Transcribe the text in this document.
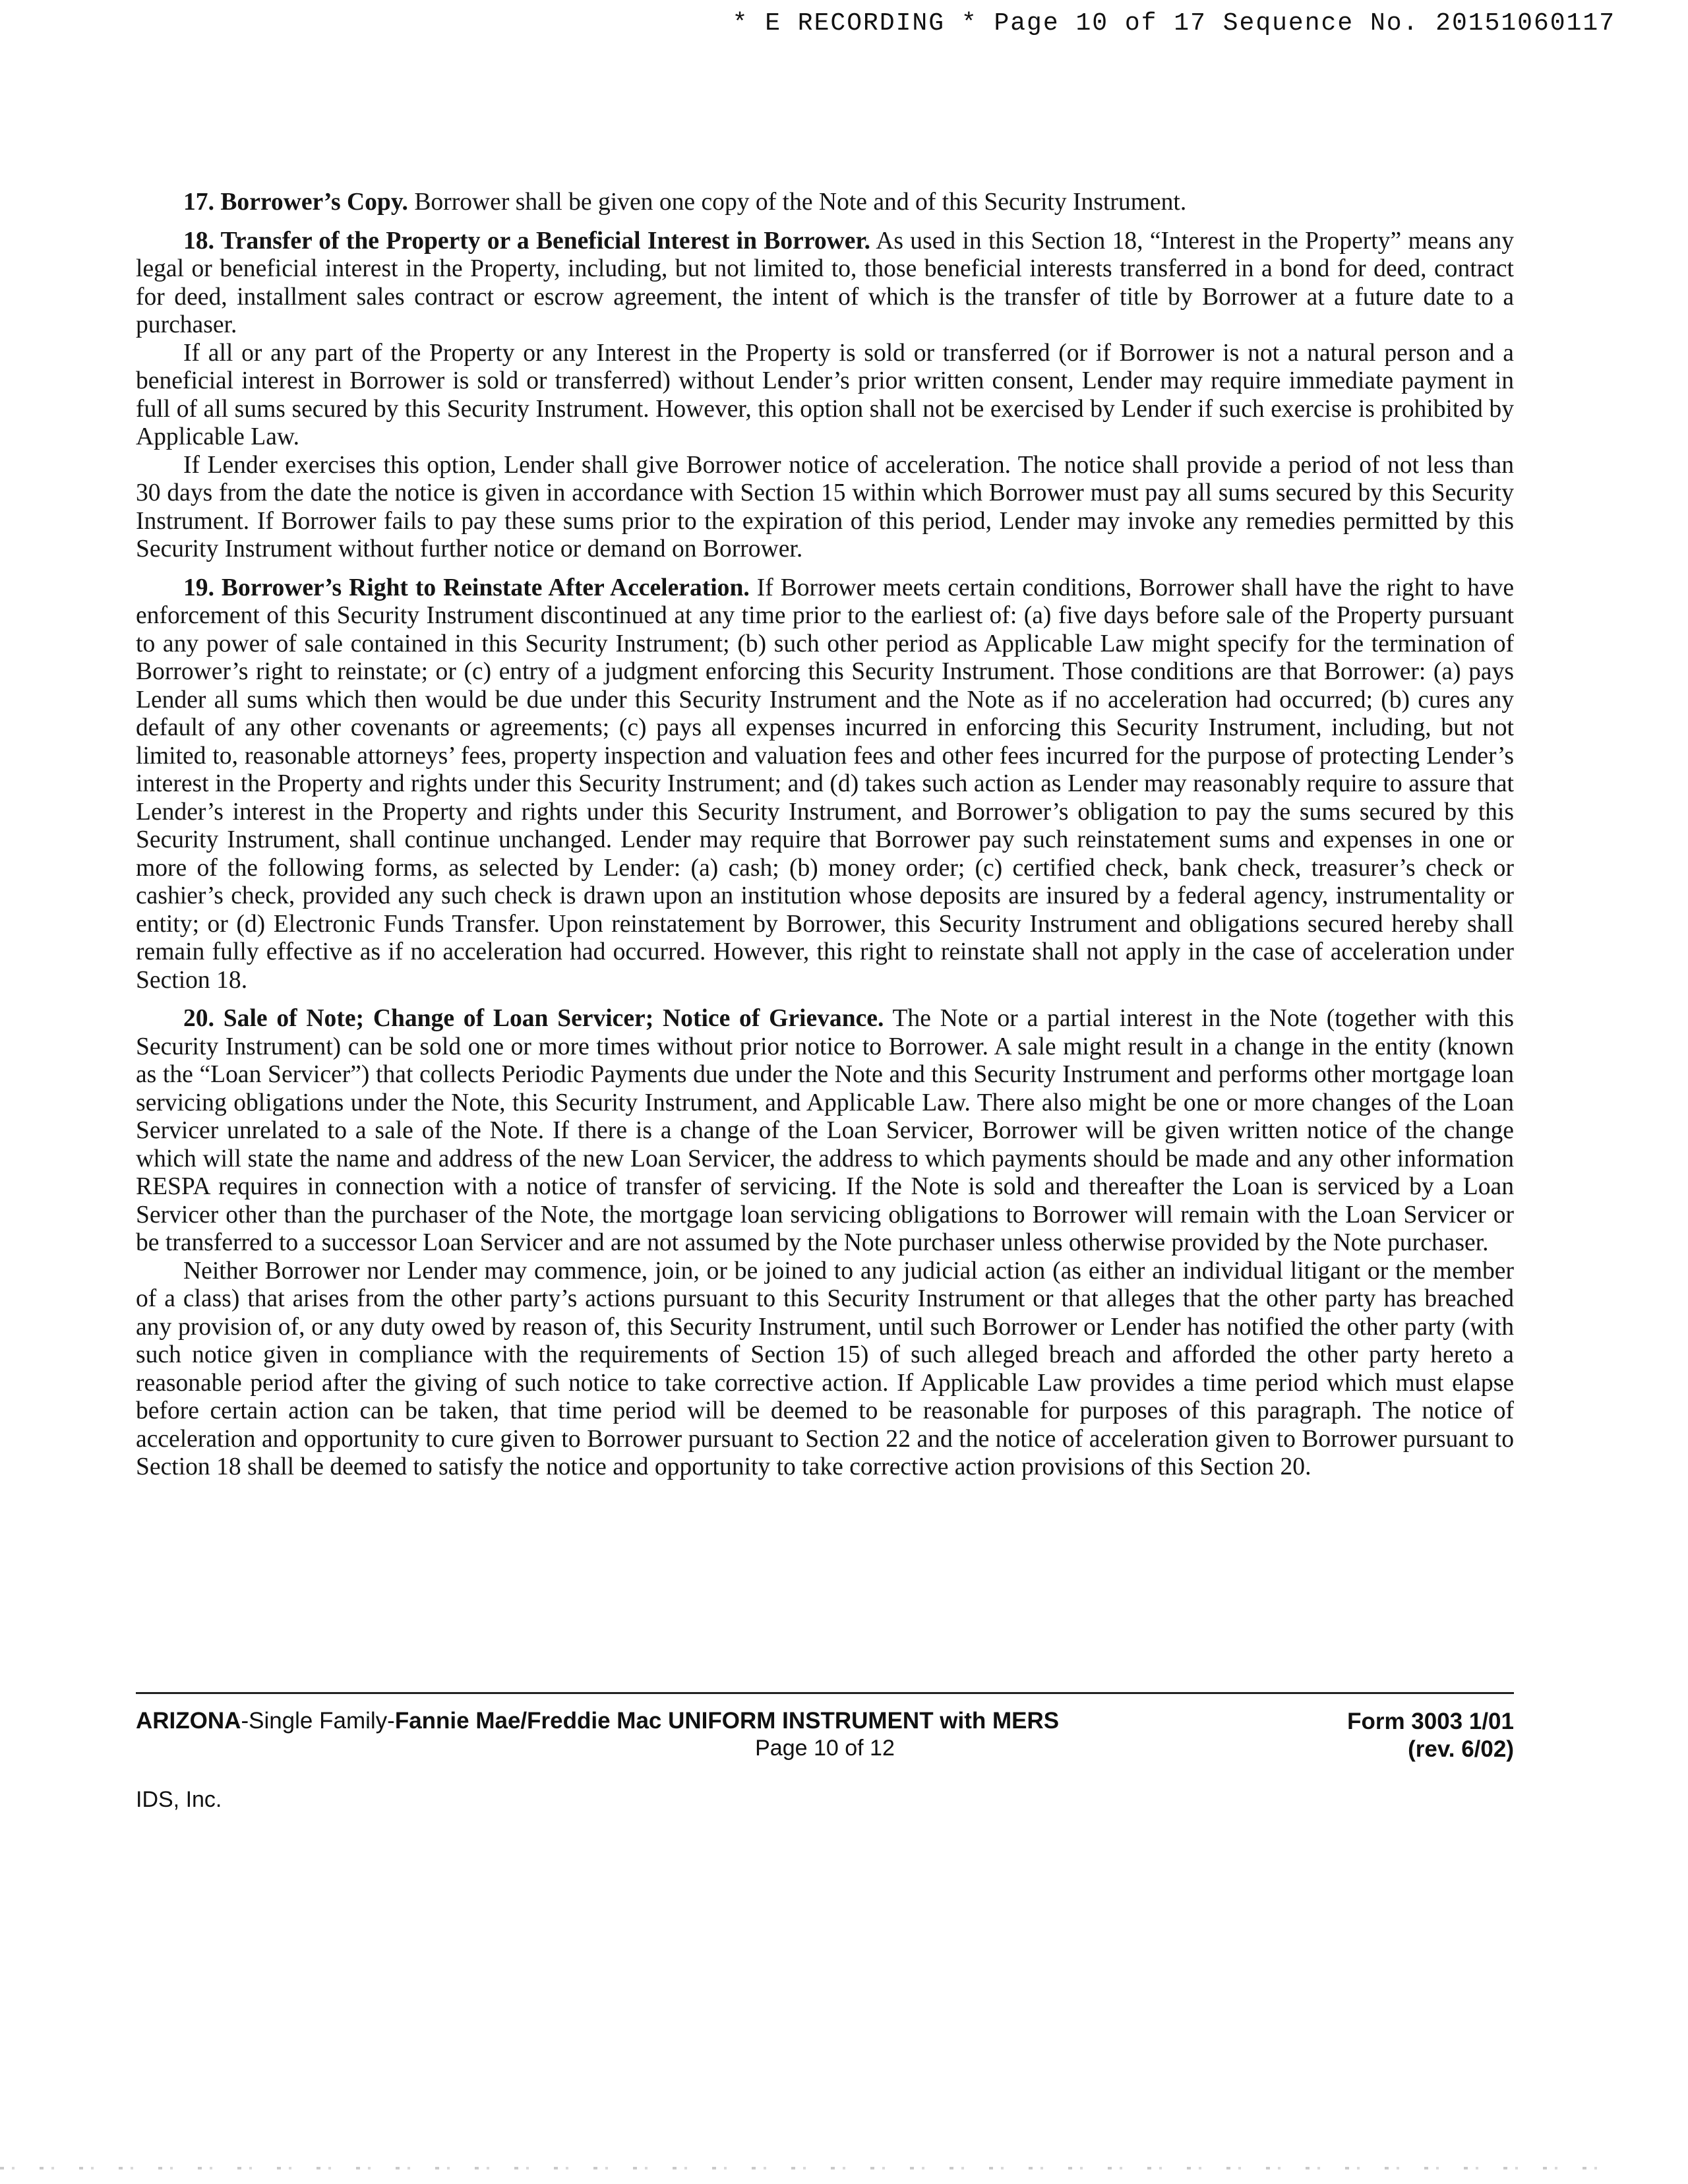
* E RECORDING * Page 10 of 17 Sequence No. 20151060117

17. Borrower’s Copy. Borrower shall be given one copy of the Note and of this Security Instrument.

18. Transfer of the Property or a Beneficial Interest in Borrower. As used in this Section 18, “Interest in the Property” means any legal or beneficial interest in the Property, including, but not limited to, those beneficial interests transferred in a bond for deed, contract for deed, installment sales contract or escrow agreement, the intent of which is the transfer of title by Borrower at a future date to a purchaser.

If all or any part of the Property or any Interest in the Property is sold or transferred (or if Borrower is not a natural person and a beneficial interest in Borrower is sold or transferred) without Lender’s prior written consent, Lender may require immediate payment in full of all sums secured by this Security Instrument. However, this option shall not be exercised by Lender if such exercise is prohibited by Applicable Law.

If Lender exercises this option, Lender shall give Borrower notice of acceleration. The notice shall provide a period of not less than 30 days from the date the notice is given in accordance with Section 15 within which Borrower must pay all sums secured by this Security Instrument. If Borrower fails to pay these sums prior to the expiration of this period, Lender may invoke any remedies permitted by this Security Instrument without further notice or demand on Borrower.

19. Borrower’s Right to Reinstate After Acceleration. If Borrower meets certain conditions, Borrower shall have the right to have enforcement of this Security Instrument discontinued at any time prior to the earliest of: (a) five days before sale of the Property pursuant to any power of sale contained in this Security Instrument; (b) such other period as Applicable Law might specify for the termination of Borrower’s right to reinstate; or (c) entry of a judgment enforcing this Security Instrument. Those conditions are that Borrower: (a) pays Lender all sums which then would be due under this Security Instrument and the Note as if no acceleration had occurred; (b) cures any default of any other covenants or agreements; (c) pays all expenses incurred in enforcing this Security Instrument, including, but not limited to, reasonable attorneys’ fees, property inspection and valuation fees and other fees incurred for the purpose of protecting Lender’s interest in the Property and rights under this Security Instrument; and (d) takes such action as Lender may reasonably require to assure that Lender’s interest in the Property and rights under this Security Instrument, and Borrower’s obligation to pay the sums secured by this Security Instrument, shall continue unchanged. Lender may require that Borrower pay such reinstatement sums and expenses in one or more of the following forms, as selected by Lender: (a) cash; (b) money order; (c) certified check, bank check, treasurer’s check or cashier’s check, provided any such check is drawn upon an institution whose deposits are insured by a federal agency, instrumentality or entity; or (d) Electronic Funds Transfer. Upon reinstatement by Borrower, this Security Instrument and obligations secured hereby shall remain fully effective as if no acceleration had occurred. However, this right to reinstate shall not apply in the case of acceleration under Section 18.

20. Sale of Note; Change of Loan Servicer; Notice of Grievance. The Note or a partial interest in the Note (together with this Security Instrument) can be sold one or more times without prior notice to Borrower. A sale might result in a change in the entity (known as the “Loan Servicer”) that collects Periodic Payments due under the Note and this Security Instrument and performs other mortgage loan servicing obligations under the Note, this Security Instrument, and Applicable Law. There also might be one or more changes of the Loan Servicer unrelated to a sale of the Note. If there is a change of the Loan Servicer, Borrower will be given written notice of the change which will state the name and address of the new Loan Servicer, the address to which payments should be made and any other information RESPA requires in connection with a notice of transfer of servicing. If the Note is sold and thereafter the Loan is serviced by a Loan Servicer other than the purchaser of the Note, the mortgage loan servicing obligations to Borrower will remain with the Loan Servicer or be transferred to a successor Loan Servicer and are not assumed by the Note purchaser unless otherwise provided by the Note purchaser.

Neither Borrower nor Lender may commence, join, or be joined to any judicial action (as either an individual litigant or the member of a class) that arises from the other party’s actions pursuant to this Security Instrument or that alleges that the other party has breached any provision of, or any duty owed by reason of, this Security Instrument, until such Borrower or Lender has notified the other party (with such notice given in compliance with the requirements of Section 15) of such alleged breach and afforded the other party hereto a reasonable period after the giving of such notice to take corrective action. If Applicable Law provides a time period which must elapse before certain action can be taken, that time period will be deemed to be reasonable for purposes of this paragraph. The notice of acceleration and opportunity to cure given to Borrower pursuant to Section 22 and the notice of acceleration given to Borrower pursuant to Section 18 shall be deemed to satisfy the notice and opportunity to take corrective action provisions of this Section 20.

ARIZONA-Single Family-Fannie Mae/Freddie Mac UNIFORM INSTRUMENT with MERS
Page 10 of 12
Form 3003 1/01
(rev. 6/02)
IDS, Inc.
